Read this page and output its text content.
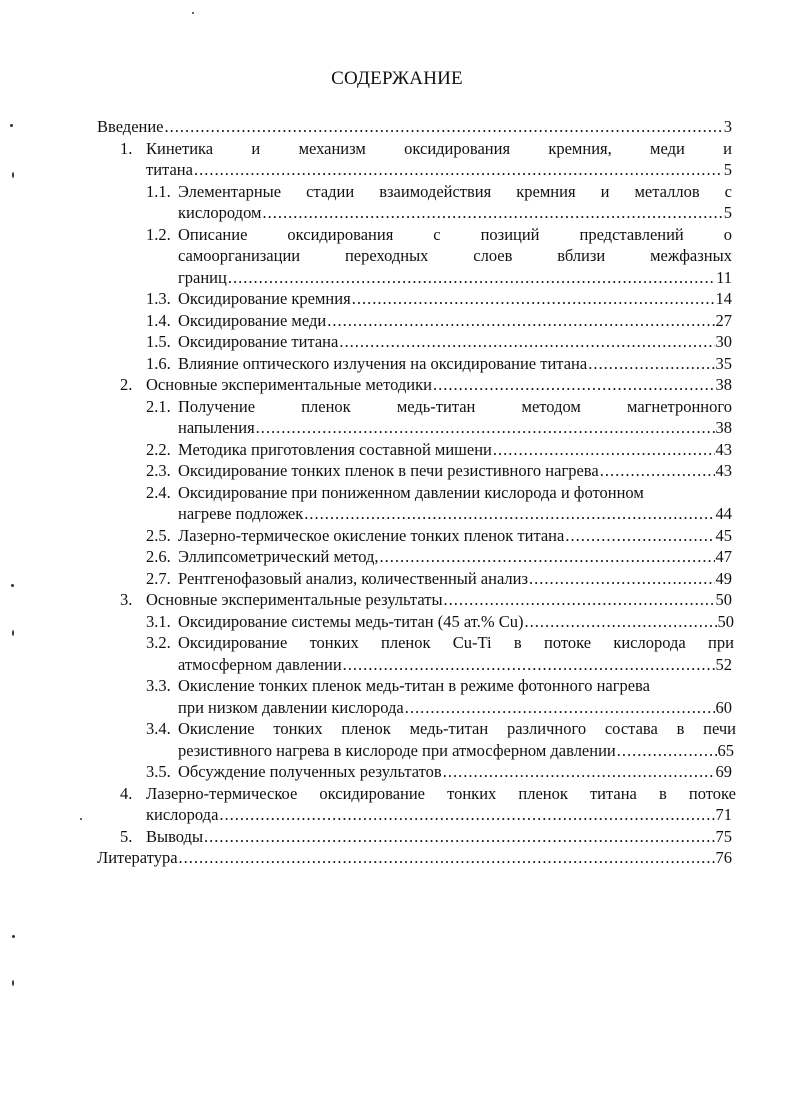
СОДЕРЖАНИЕ
Введение .....	3
1. Кинетика и механизм оксидирования кремния, меди и
титана .....	5
1.1. Элементарные стадии взаимодействия кремния и металлов с
кислородом .....	5
1.2. Описание оксидирования с позиций представлений о
самоорганизации	переходных	слоев	вблизи	межфазных
границ .....	11
1.3. Оксидирование кремния .....	14
1.4. Оксидирование меди .....	27
1.5. Оксидирование титана .....	30
1.6. Влияние оптического излучения на оксидирование титана .....	35
2. Основные экспериментальные методики .....	38
2.1. Получение	пленок	медь-титан	методом	магнетронного
напыления .....	38
2.2. Методика приготовления составной мишени .....	43
2.3. Оксидирование тонких пленок в печи резистивного нагрева .....	43
2.4. Оксидирование при пониженном давлении кислорода и фотонном
нагреве подложек .....	44
2.5. Лазерно-термическое окисление тонких пленок титана .....	45
2.6. Эллипсометрический метод, .....	47
2.7. Рентгенофазовый анализ, количественный анализ .....	49
3. Основные экспериментальные результаты .....	50
3.1. Оксидирование системы медь-титан (45 ат.% Cu) .....	50
3.2. Оксидирование тонких пленок Cu-Ti в потоке кислорода при
атмосферном давлении .....	52
3.3. Окисление тонких пленок медь-титан в режиме фотонного нагрева
при низком давлении кислорода .....	60
3.4. Окисление тонких пленок медь-титан различного состава в печи
резистивного нагрева в кислороде при атмосферном давлении .....	65
3.5. Обсуждение полученных результатов .....	69
4. Лазерно-термическое оксидирование тонких пленок титана в потоке
кислорода .....	71
5. Выводы .....	75
Литература .....	76
